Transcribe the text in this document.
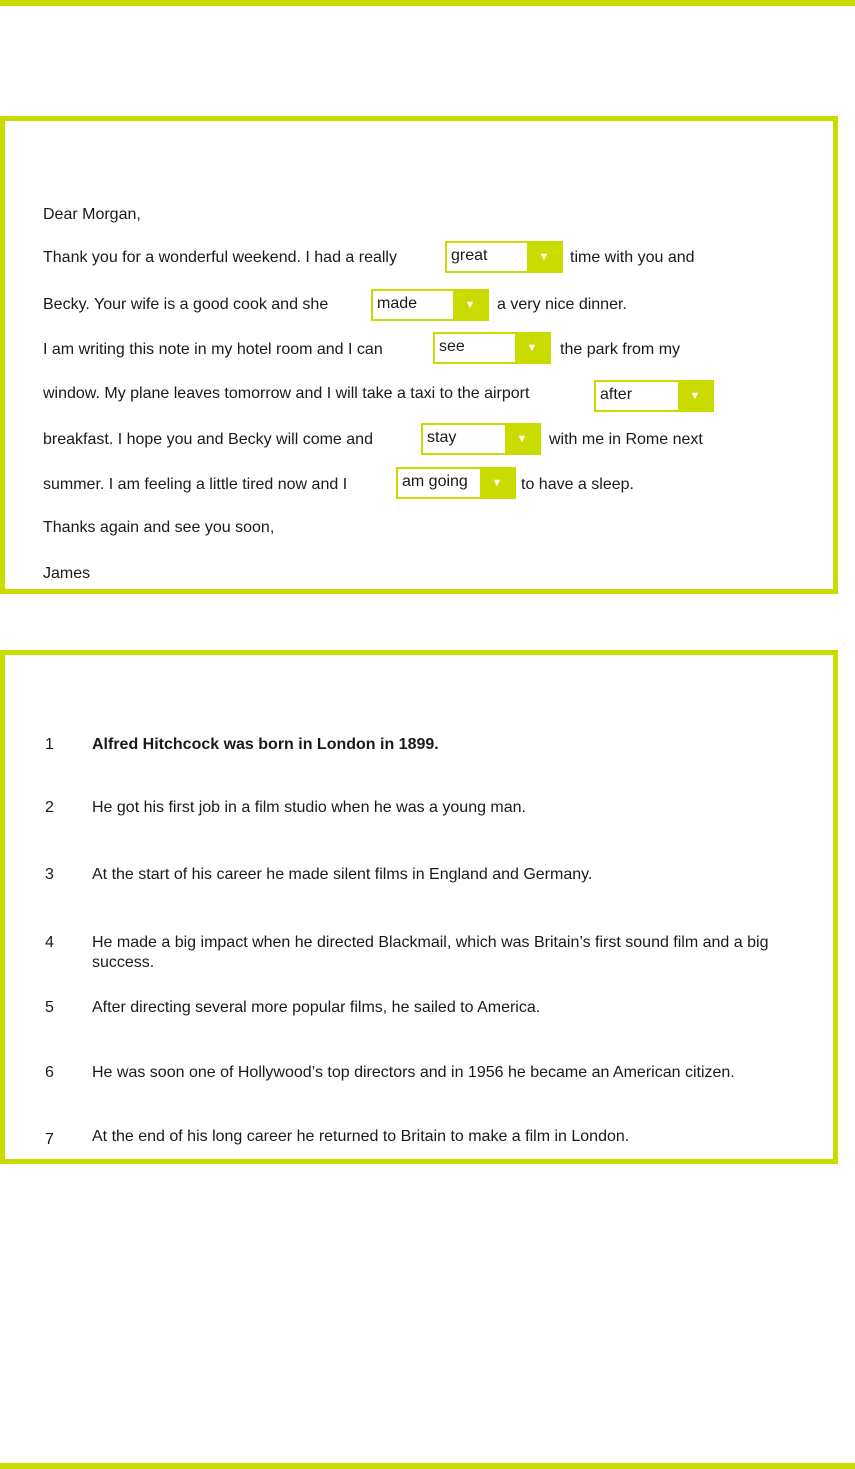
Dear Morgan,
Thank you for a wonderful weekend. I had a really	great	▼	time with you and
Becky. Your wife is a good cook and she	made	▼	a very nice dinner.
I am writing this note in my hotel room and I can	see	▼	the park from my
window. My plane leaves tomorrow and I will take a taxi to the airport	after	▼
breakfast. I hope you and Becky will come and	stay	▼	with me in Rome next
summer. I am feeling a little tired now and I	am going	▼	to have a sleep.
Thanks again and see you soon,
James
1 Alfred Hitchcock was born in London in 1899.
2 He got his first job in a film studio when he was a young man.
3 At the start of his career he made silent films in England and Germany.
4 He made a big impact when he directed Blackmail, which was Britain’s first sound film and a big success.
5 After directing several more popular films, he sailed to America.
6 He was soon one of Hollywood’s top directors and in 1956 he became an American citizen.
7 At the end of his long career he returned to Britain to make a film in London.
